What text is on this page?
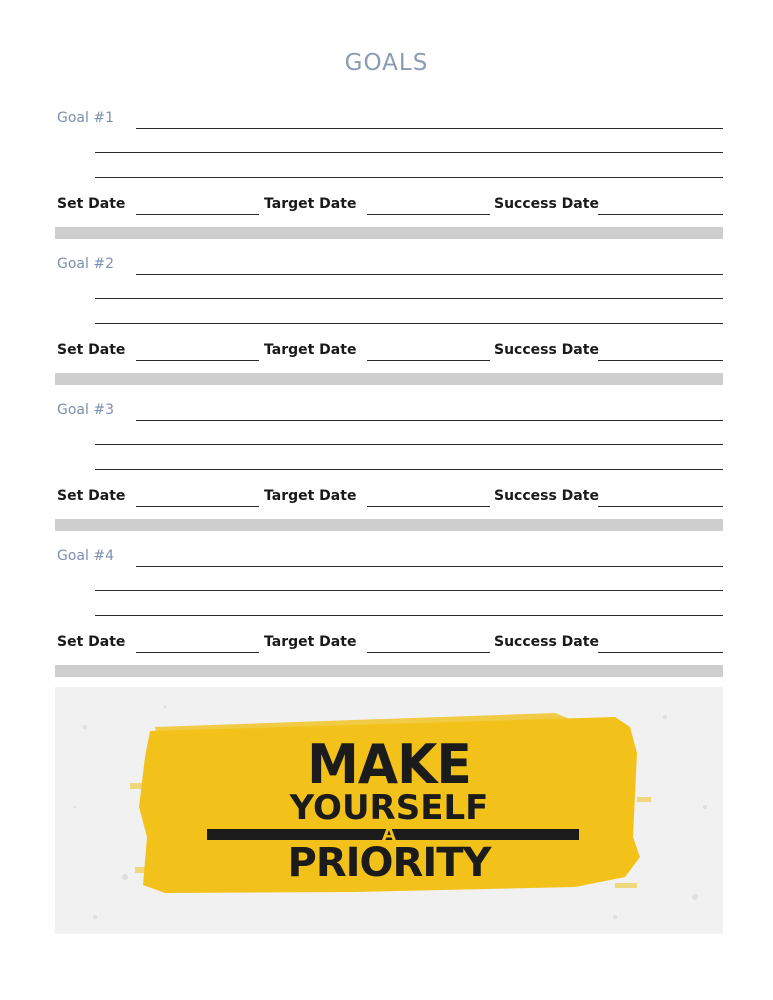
GOALS
Goal #1
Set Date	Target Date	Success Date
Goal #2
Set Date	Target Date	Success Date
Goal #3
Set Date	Target Date	Success Date
Goal #4
Set Date	Target Date	Success Date
MAKE
YOURSELF
A
PRIORITY
